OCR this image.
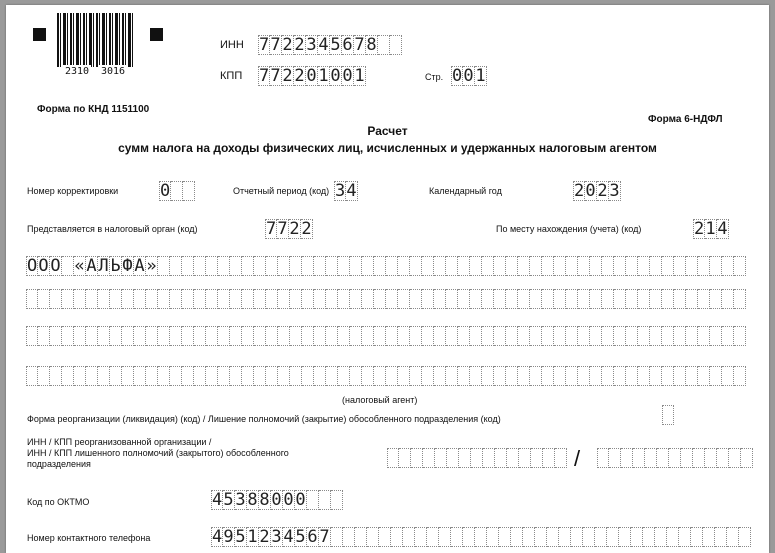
2310 3016
ИНН 7 7 2 2 3 4 5 6 7 8
КПП 7 7 2 2 0 1 0 0 1	Стр. 0 0 1
Форма по КНД 1151100
Форма 6-НДФЛ
Расчет
сумм налога на доходы физических лиц, исчисленных и удержанных налоговым агентом
Номер корректировки 0	Отчетный период (код) 3 4	Календарный год	2 0 2 3
Представляется в налоговый орган (код)	7 7 2 2	По месту нахождения (учета) (код)	2 1 4
О О О « А Л Ь Ф А »
(налоговый агент)
Форма реорганизации (ликвидация) (код) / Лишение полномочий (закрытие) обособленного подразделения (код)
ИНН / КПП реорганизованной организации /
ИНН / КПП лишенного полномочий (закрытого) обособленного
подразделения	/
Код по ОКТМО	4 5 3 8 8 0 0 0
Номер контактного телефона	4 9 5 1 2 3 4 5 6 7
